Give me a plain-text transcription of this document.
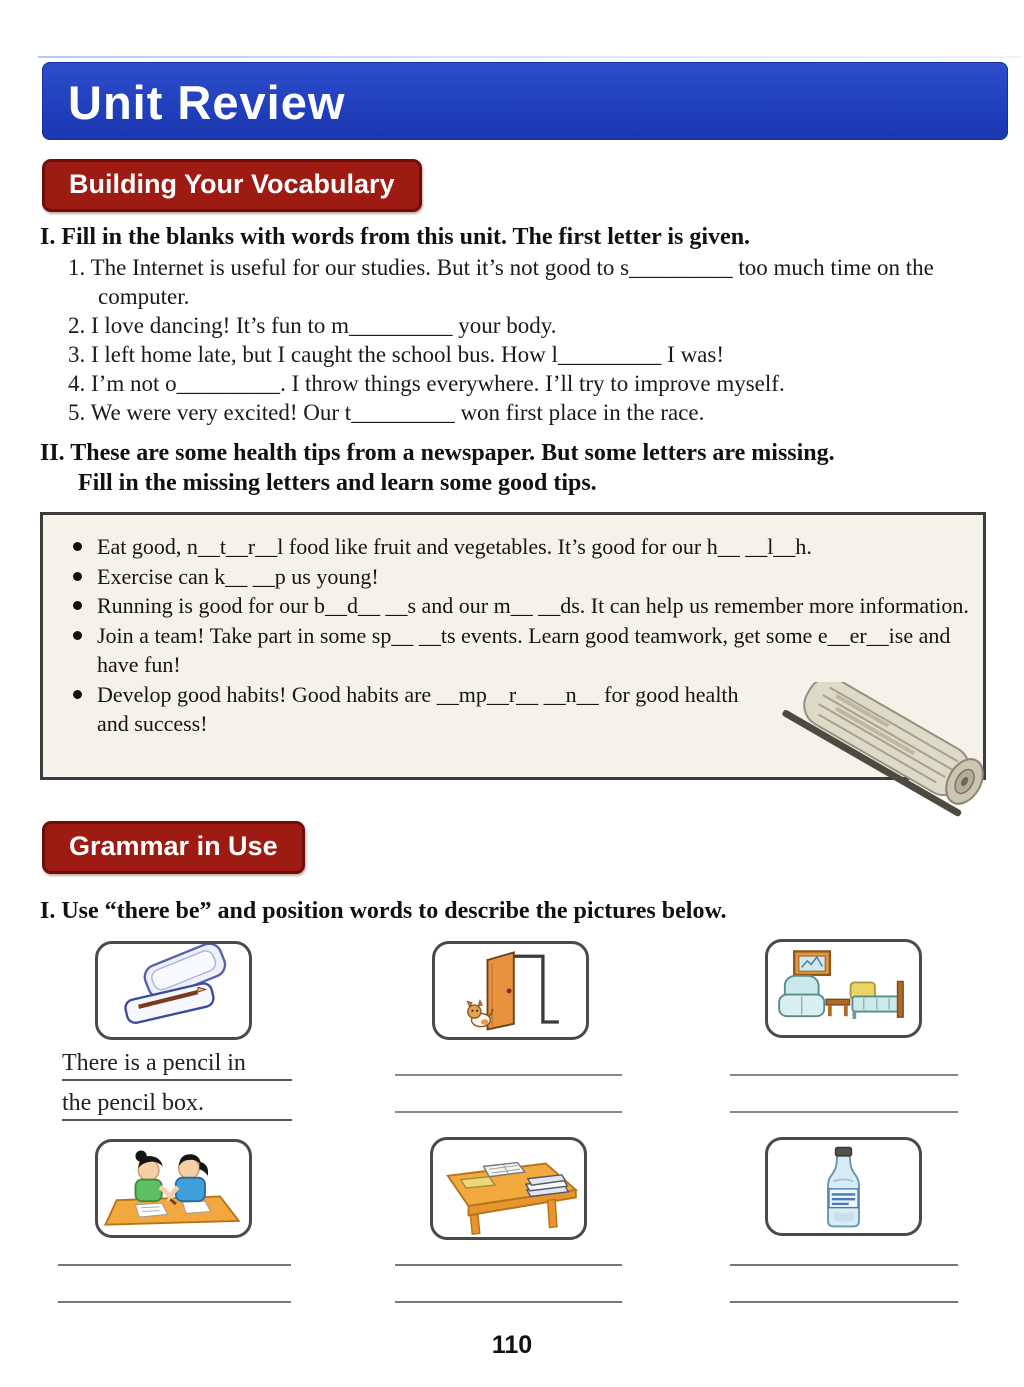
Unit Review
Building Your Vocabulary
I. Fill in the blanks with words from this unit. The first letter is given.
1. The Internet is useful for our studies. But it’s not good to s_________ too much time on the computer.
2. I love dancing! It’s fun to m_________ your body.
3. I left home late, but I caught the school bus. How l_________ I was!
4. I’m not o_________. I throw things everywhere. I’ll try to improve myself.
5. We were very excited! Our t_________ won first place in the race.
II. These are some health tips from a newspaper. But some letters are missing.
Fill in the missing letters and learn some good tips.
Eat good, n__t__r__l food like fruit and vegetables. It’s good for our h__ __l__h.
Exercise can k__ __p us young!
Running is good for our b__d__ __s and our m__ __ds. It can help us remember more information.
Join a team! Take part in some sp__ __ts events. Learn good teamwork, get some e__er__ise and have fun!
Develop good habits! Good habits are __mp__r__ __n__ for good health and success!
Grammar in Use
I. Use “there be” and position words to describe the pictures below.
There is a pencil in
the pencil box.
110
